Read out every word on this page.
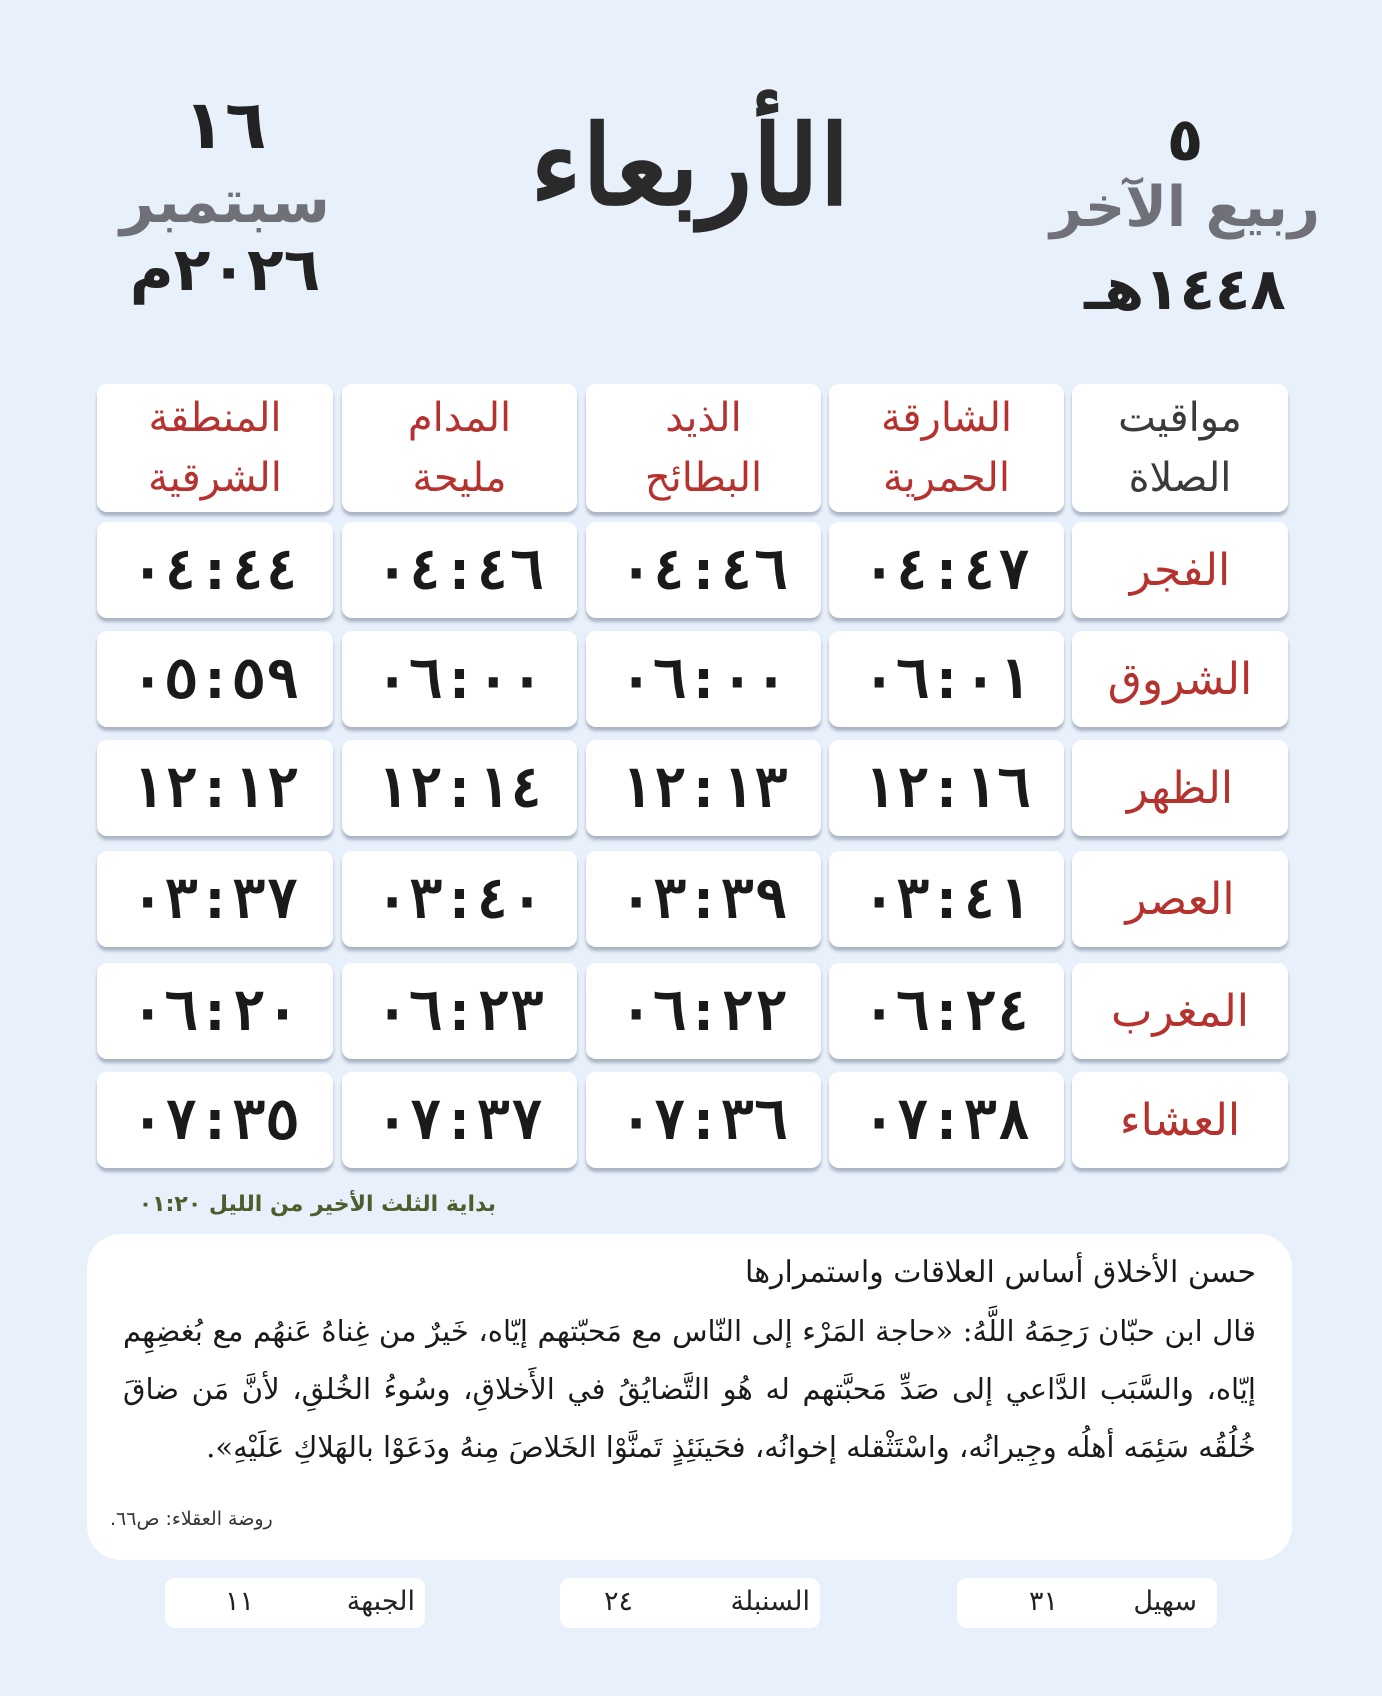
١٦
سبتمبر
٢٠٢٦م
الأربعاء	٥
ربيع الآخر
١٤٤٨هـ
مواقيت
الصلاة
الشارقة
الحمرية
الذيد
البطائح
المدام
مليحة
المنطقة
الشرقية
الفجر
٠٤:٤٧
٠٤:٤٦
٠٤:٤٦
٠٤:٤٤
الشروق
٠٦:٠١
٠٦:٠٠
٠٦:٠٠
٠٥:٥٩
الظهر
١٢:١٦
١٢:١٣
١٢:١٤
١٢:١٢
العصر
٠٣:٤١
٠٣:٣٩
٠٣:٤٠
٠٣:٣٧
المغرب
٠٦:٢٤
٠٦:٢٢
٠٦:٢٣
٠٦:٢٠
العشاء
٠٧:٣٨
٠٧:٣٦
٠٧:٣٧
٠٧:٣٥
بداية الثلث الأخير من الليل ٠١:٢٠

حسن الأخلاق أساس العلاقات واستمرارها

قال ابن حبّان رَحِمَهُ اللَّهُ: «حاجة المَرْء إلى النّاس مع مَحبّتهم إيّاه، خَيرٌ من غِناهُ عَنهُم مع بُغضِهِم إيّاه، والسَّبَب الدَّاعي إلى صَدِّ مَحبَّتهم له هُو التَّضايُقُ في الأَخلاقِ، وسُوءُ الخُلقِ، لأنَّ مَن ضاقَ خُلُقُه سَئِمَه أهلُه وجِيرانُه، واسْتَثْقله إخوانُه، فحَينَئِذٍ تَمنَّوْا الخَلاصَ مِنهُ ودَعَوْا بالهَلاكِ عَلَيْهِ».

روضة العقلاء: ص٦٦.
سهيل
٣١
السنبلة
٢٤
الجبهة
١١
